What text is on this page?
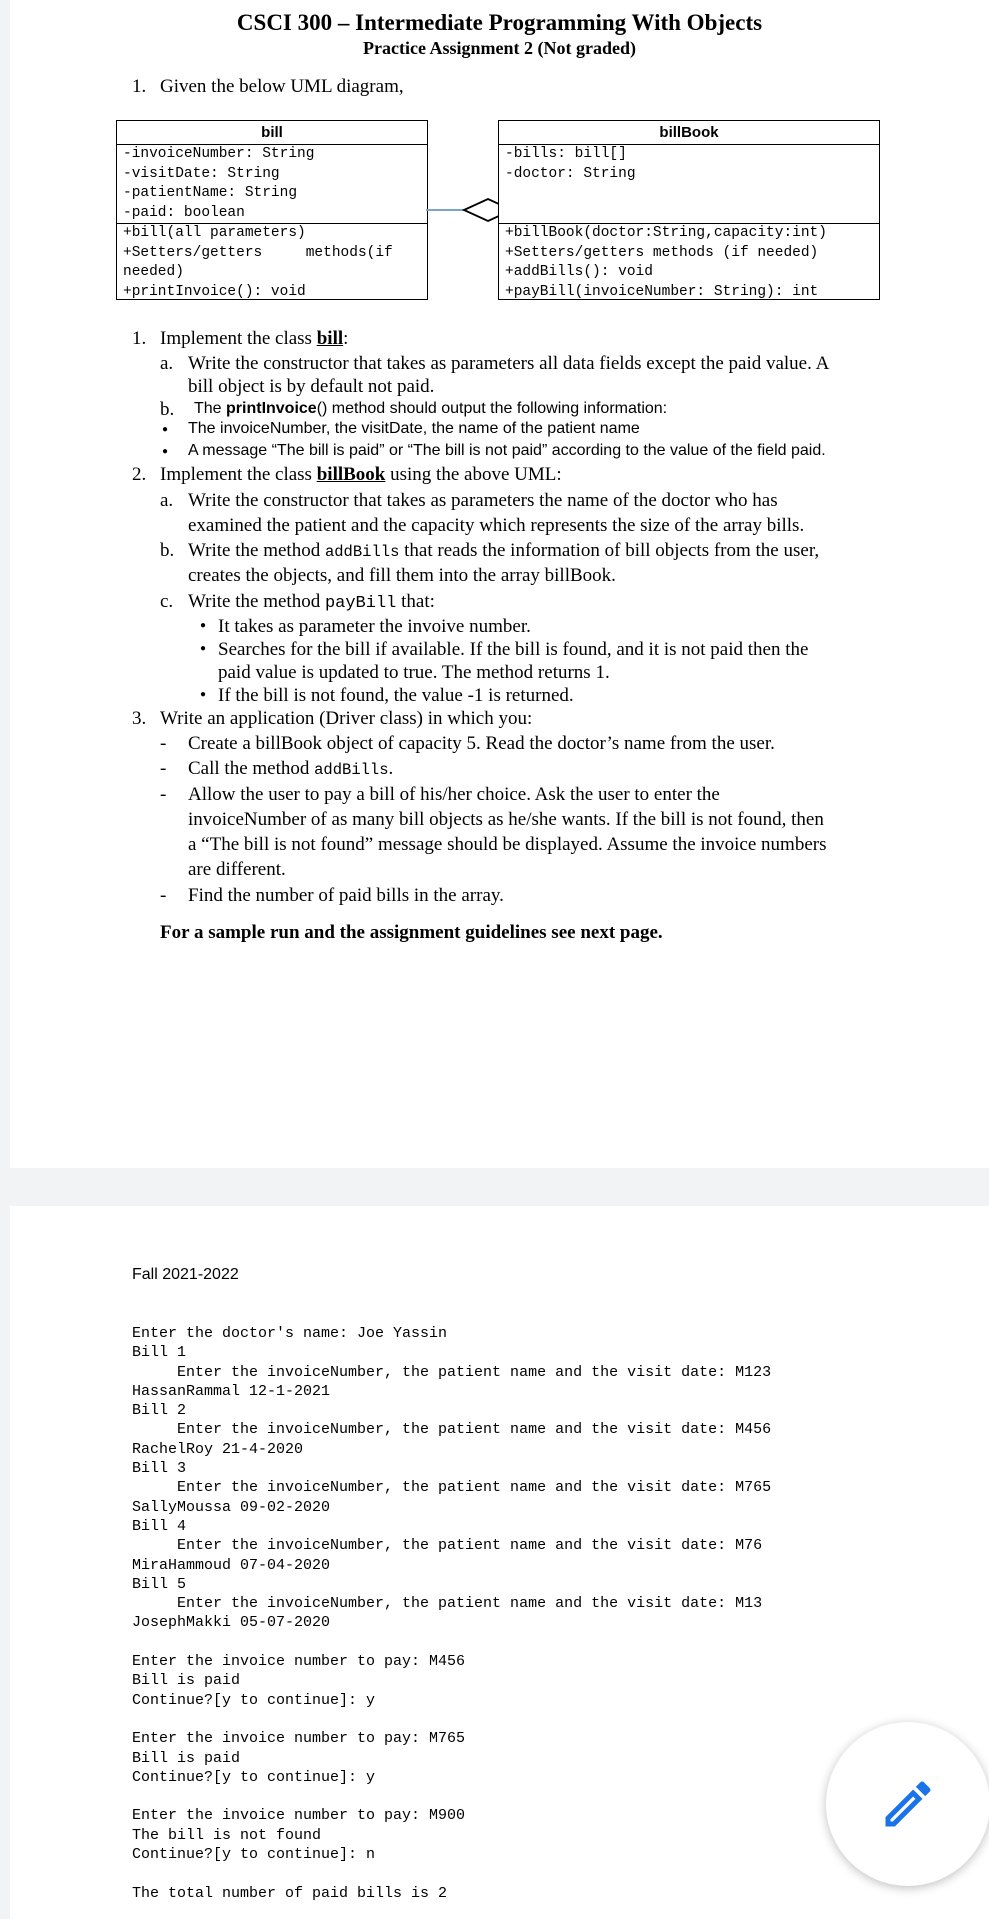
CSCI 300 – Intermediate Programming With Objects
Practice Assignment 2 (Not graded)
1. Given the below UML diagram,
bill
-invoiceNumber: String
-visitDate: String
-patientName: String
-paid: boolean
+bill(all parameters)
+Setters/getters     methods(if
needed)
+printInvoice(): void
billBook
-bills: bill[]
-doctor: String
+billBook(doctor:String,capacity:int)
+Setters/getters methods (if needed)
+addBills(): void
+payBill(invoiceNumber: String): int
1. Implement the class bill:
a. Write the constructor that takes as parameters all data fields except the paid value. A
bill object is by default not paid.
b. The printInvoice() method should output the following information:
● The invoiceNumber, the visitDate, the name of the patient name
● A message “The bill is paid” or “The bill is not paid” according to the value of the field paid.
2. Implement the class billBook using the above UML:
a. Write the constructor that takes as parameters the name of the doctor who has
examined the patient and the capacity which represents the size of the array bills.
b. Write the method addBills that reads the information of bill objects from the user,
creates the objects, and fill them into the array billBook.
c. Write the method payBill that:
● It takes as parameter the invoive number.
● Searches for the bill if available. If the bill is found, and it is not paid then the
paid value is updated to true. The method returns 1.
● If the bill is not found, the value -1 is returned.
3. Write an application (Driver class) in which you:
- Create a billBook object of capacity 5. Read the doctor’s name from the user.
- Call the method addBills.
- Allow the user to pay a bill of his/her choice. Ask the user to enter the
invoiceNumber of as many bill objects as he/she wants. If the bill is not found, then
a “The bill is not found” message should be displayed. Assume the invoice numbers
are different.
- Find the number of paid bills in the array.
For a sample run and the assignment guidelines see next page.
Fall 2021-2022
Enter the doctor's name: Joe Yassin
Bill 1
Enter the invoiceNumber, the patient name and the visit date: M123
HassanRammal 12-1-2021
Bill 2
Enter the invoiceNumber, the patient name and the visit date: M456
RachelRoy 21-4-2020
Bill 3
Enter the invoiceNumber, the patient name and the visit date: M765
SallyMoussa 09-02-2020
Bill 4
Enter the invoiceNumber, the patient name and the visit date: M76
MiraHammoud 07-04-2020
Bill 5
Enter the invoiceNumber, the patient name and the visit date: M13
JosephMakki 05-07-2020

Enter the invoice number to pay: M456
Bill is paid
Continue?[y to continue]: y

Enter the invoice number to pay: M765
Bill is paid
Continue?[y to continue]: y

Enter the invoice number to pay: M900
The bill is not found
Continue?[y to continue]: n

The total number of paid bills is 2
